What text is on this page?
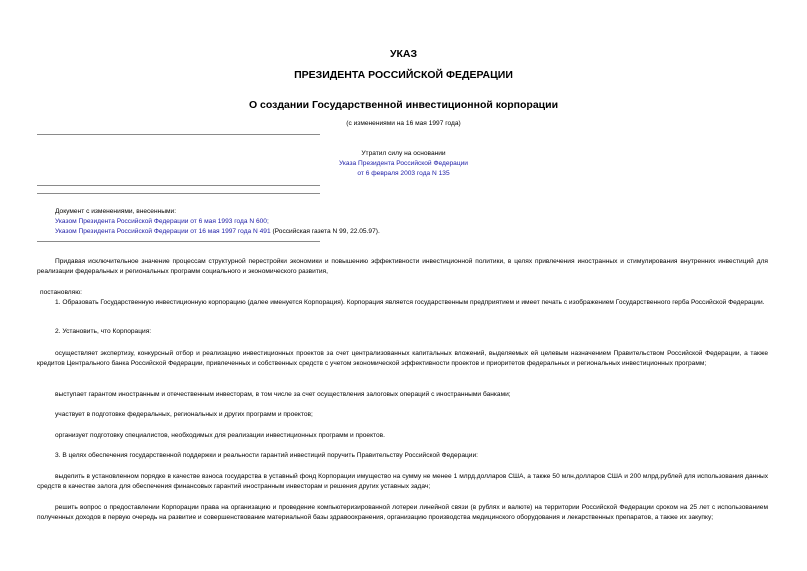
УКАЗ
ПРЕЗИДЕНТА РОССИЙСКОЙ ФЕДЕРАЦИИ
О создании Государственной инвестиционной корпорации
(с изменениями на 16 мая 1997 года)
Утратил силу на основании
Указа Президента Российской Федерации
от 6 февраля 2003 года N 135
Документ с изменениями, внесенными:
Указом Президента Российской Федерации от 6 мая 1993 года N 600;
Указом Президента Российской Федерации от 16 мая 1997 года N 491 (Российская газета N 99, 22.05.97).

Придавая исключительное значение процессам структурной перестройки экономики и повышению эффективности инвестиционной политики, в целях привлечения иностранных и стимулирования внутренних инвестиций для реализации федеральных и региональных программ социального и экономического развития,

постановляю:

1. Образовать Государственную инвестиционную корпорацию (далее именуется Корпорация). Корпорация является государственным предприятием и имеет печать с изображением Государственного герба Российской Федерации.

2. Установить, что Корпорация:

осуществляет экспертизу, конкурсный отбор и реализацию инвестиционных проектов за счет централизованных капитальных вложений, выделяемых ей целевым назначением Правительством Российской Федерации, а также кредитов Центрального банка Российской Федерации, привлеченных и собственных средств с учетом экономической эффективности проектов и приоритетов федеральных и региональных инвестиционных программ;

выступает гарантом иностранным и отечественным инвесторам, в том числе за счет осуществления залоговых операций с иностранными банками;

участвует в подготовке федеральных, региональных и других программ и проектов;

организует подготовку специалистов, необходимых для реализации инвестиционных программ и проектов.

3. В целях обеспечения государственной поддержки и реальности гарантий инвестиций поручить Правительству Российской Федерации:

выделить в установленном порядке в качестве взноса государства в уставный фонд Корпорации имущество на сумму не менее 1 млрд.долларов США, а также 50 млн.долларов США и 200 млрд.рублей для использования данных средств в качестве залога для обеспечения финансовых гарантий иностранным инвесторам и решения других уставных задач;

решить вопрос о предоставлении Корпорации права на организацию и проведение компьютеризированной лотереи линейной связи (в рублях и валюте) на территории Российской Федерации сроком на 25 лет с использованием полученных доходов в первую очередь на развитие и совершенствование материальной базы здравоохранения, организацию производства медицинского оборудования и лекарственных препаратов, а также их закупку;
